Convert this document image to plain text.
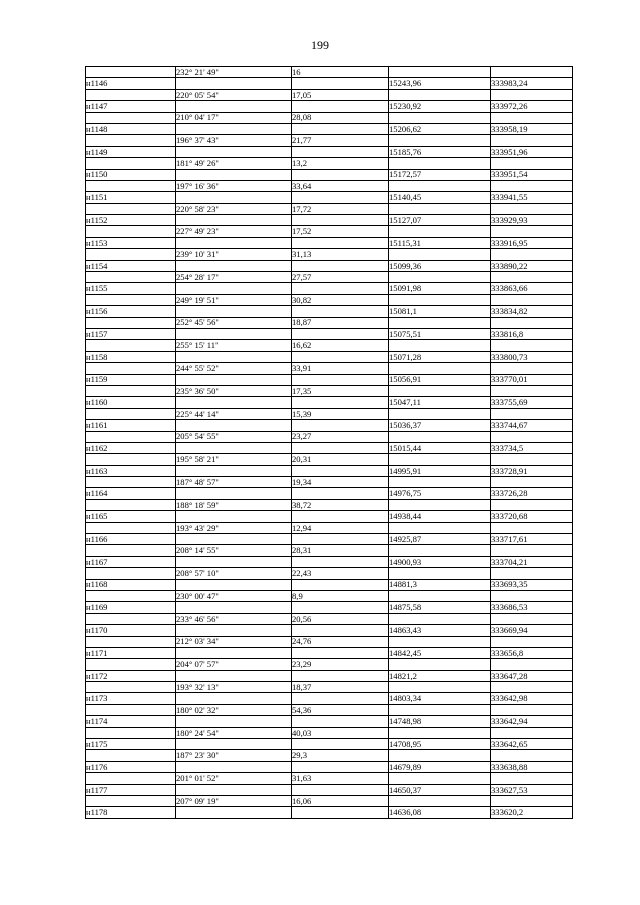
199
	232° 21' 49"	16		
н1146			15243,96	333983,24
	220° 05' 54"	17,05		
н1147			15230,92	333972,26
	210° 04' 17"	28,08		
н1148			15206,62	333958,19
	196° 37' 43"	21,77		
н1149			15185,76	333951,96
	181° 49' 26"	13,2		
н1150			15172,57	333951,54
	197° 16' 36"	33,64		
н1151			15140,45	333941,55
	220° 58' 23"	17,72		
н1152			15127,07	333929,93
	227° 49' 23"	17,52		
н1153			15115,31	333916,95
	239° 10' 31"	31,13		
н1154			15099,36	333890,22
	254° 28' 17"	27,57		
н1155			15091,98	333863,66
	249° 19' 51"	30,82		
н1156			15081,1	333834,82
	252° 45' 56"	18,87		
н1157			15075,51	333816,8
	255° 15' 11"	16,62		
н1158			15071,28	333800,73
	244° 55' 52"	33,91		
н1159			15056,91	333770,01
	235° 36' 50"	17,35		
н1160			15047,11	333755,69
	225° 44' 14"	15,39		
н1161			15036,37	333744,67
	205° 54' 55"	23,27		
н1162			15015,44	333734,5
	195° 58' 21"	20,31		
н1163			14995,91	333728,91
	187° 48' 57"	19,34		
н1164			14976,75	333726,28
	188° 18' 59"	38,72		
н1165			14938,44	333720,68
	193° 43' 29"	12,94		
н1166			14925,87	333717,61
	208° 14' 55"	28,31		
н1167			14900,93	333704,21
	208° 57' 10"	22,43		
н1168			14881,3	333693,35
	230° 00' 47"	8,9		
н1169			14875,58	333686,53
	233° 46' 56"	20,56		
н1170			14863,43	333669,94
	212° 03' 34"	24,76		
н1171			14842,45	333656,8
	204° 07' 57"	23,29		
н1172			14821,2	333647,28
	193° 32' 13"	18,37		
н1173			14803,34	333642,98
	180° 02' 32"	54,36		
н1174			14748,98	333642,94
	180° 24' 54"	40,03		
н1175			14708,95	333642,65
	187° 23' 30"	29,3		
н1176			14679,89	333638,88
	201° 01' 52"	31,63		
н1177			14650,37	333627,53
	207° 09' 19"	16,06		
н1178			14636,08	333620,2
